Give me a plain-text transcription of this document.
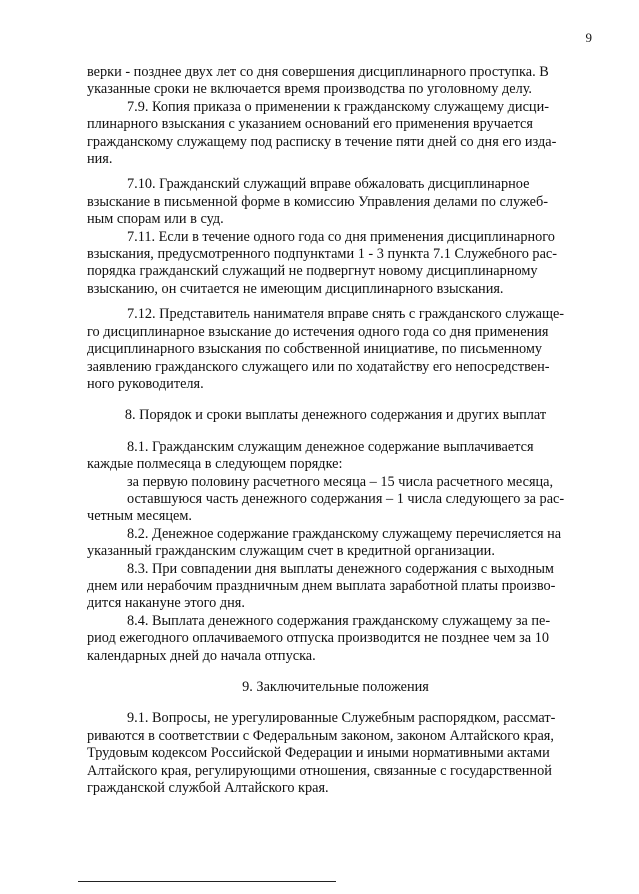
9
верки - позднее двух лет со дня совершения дисциплинарного проступка. В
указанные сроки не включается время производства по уголовному делу.
7.9. Копия приказа о применении к гражданскому служащему дисци-
плинарного взыскания с указанием оснований его применения вручается
гражданскому служащему под расписку в течение пяти дней со дня его изда-
ния.
7.10. Гражданский служащий вправе обжаловать дисциплинарное
взыскание в письменной форме в комиссию Управления делами по служеб-
ным спорам или в суд.
7.11. Если в течение одного года со дня применения дисциплинарного
взыскания, предусмотренного подпунктами 1 - 3 пункта 7.1 Служебного рас-
порядка гражданский служащий не подвергнут новому дисциплинарному
взысканию, он считается не имеющим дисциплинарного взыскания.
7.12. Представитель нанимателя вправе снять с гражданского служаще-
го дисциплинарное взыскание до истечения одного года со дня применения
дисциплинарного взыскания по собственной инициативе, по письменному
заявлению гражданского служащего или по ходатайству его непосредствен-
ного руководителя.
8. Порядок и сроки выплаты денежного содержания и других выплат
8.1. Гражданским служащим денежное содержание выплачивается
каждые полмесяца в следующем порядке:
за первую половину расчетного месяца – 15 числа расчетного месяца,
оставшуюся часть денежного содержания – 1 числа следующего за рас-
четным месяцем.
8.2. Денежное содержание гражданскому служащему перечисляется на
указанный гражданским служащим счет в кредитной организации.
8.3. При совпадении дня выплаты денежного содержания с выходным
днем или нерабочим праздничным днем выплата заработной платы произво-
дится накануне этого дня.
8.4. Выплата денежного содержания гражданскому служащему за пе-
риод ежегодного оплачиваемого отпуска производится не позднее чем за 10
календарных дней до начала отпуска.
9. Заключительные положения
9.1. Вопросы, не урегулированные Служебным распорядком, рассмат-
риваются в соответствии с Федеральным законом, законом Алтайского края,
Трудовым кодексом Российской Федерации и иными нормативными актами
Алтайского края, регулирующими отношения, связанные с государственной
гражданской службой Алтайского края.
